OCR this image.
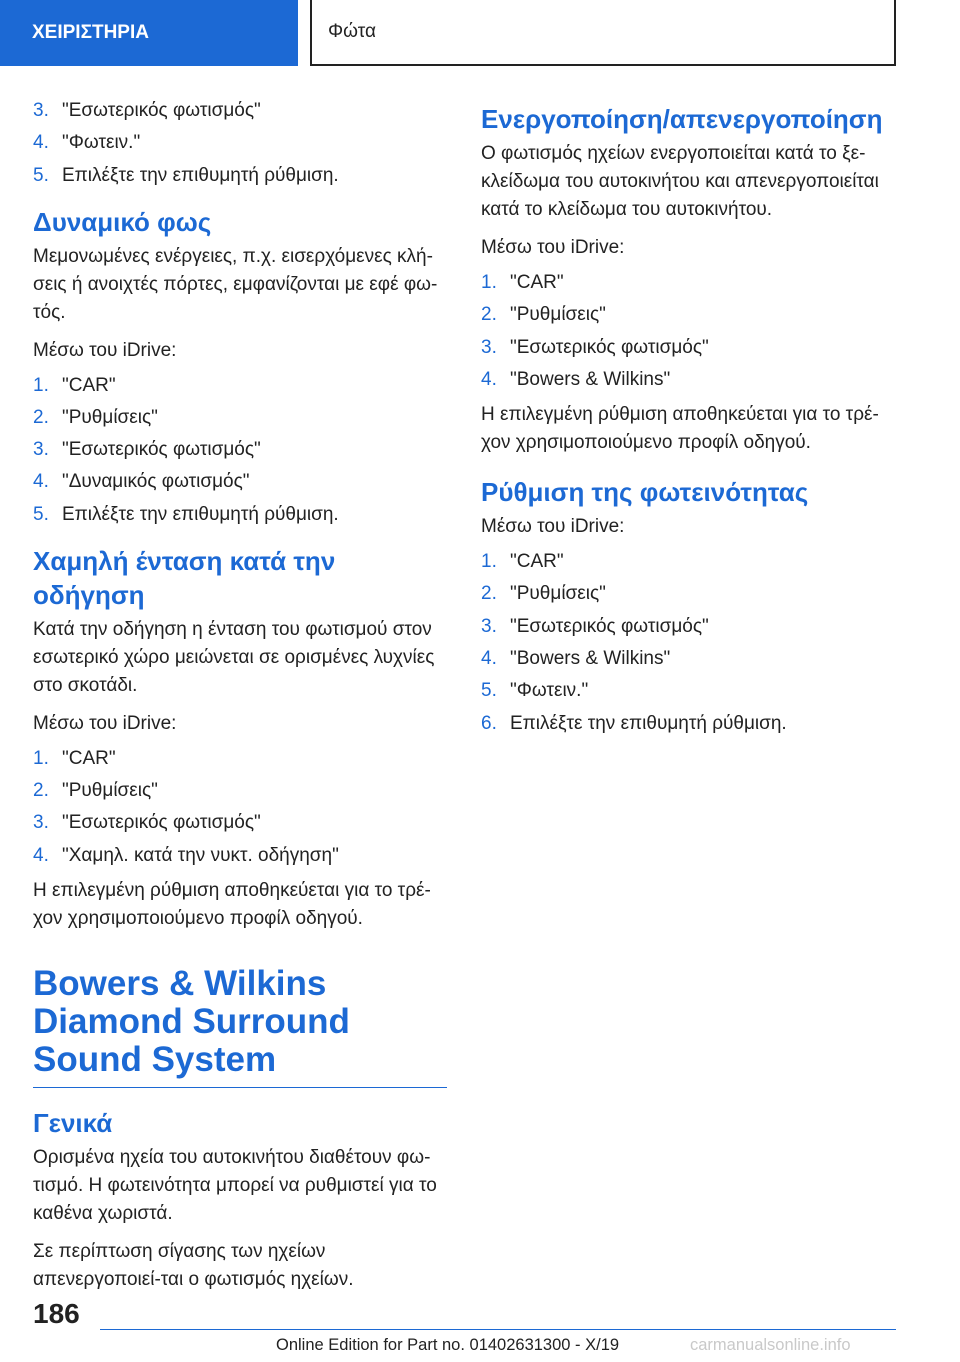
ΧΕΙΡΙΣΤΗΡΙΑ	Φώτα
3. "Εσωτερικός φωτισμός"
4. "Φωτειν."
5. Επιλέξτε την επιθυμητή ρύθμιση.
Δυναμικό φως

Μεμονωμένες ενέργειες, π.χ. εισερχόμενες κλή-σεις ή ανοιχτές πόρτες, εμφανίζονται με εφέ φω-τός.

Μέσω του iDrive:

1. "CAR"
2. "Ρυθμίσεις"
3. "Εσωτερικός φωτισμός"
4. "Δυναμικός φωτισμός"
5. Επιλέξτε την επιθυμητή ρύθμιση.
Χαμηλή ένταση κατά την οδήγηση

Κατά την οδήγηση η ένταση του φωτισμού στον εσωτερικό χώρο μειώνεται σε ορισμένες λυχνίες στο σκοτάδι.

Μέσω του iDrive:

1. "CAR"
2. "Ρυθμίσεις"
3. "Εσωτερικός φωτισμός"
4. "Χαμηλ. κατά την νυκτ. οδήγηση"

Η επιλεγμένη ρύθμιση αποθηκεύεται για το τρέ-χον χρησιμοποιούμενο προφίλ οδηγού.

Bowers & Wilkins Diamond Surround Sound System
Γενικά

Ορισμένα ηχεία του αυτοκινήτου διαθέτουν φω-τισμό. Η φωτεινότητα μπορεί να ρυθμιστεί για το καθένα χωριστά.

Σε περίπτωση σίγασης των ηχείων απενεργοποιεί-ται ο φωτισμός ηχείων.

Ενεργοποίηση/απενεργοποίηση

Ο φωτισμός ηχείων ενεργοποιείται κατά το ξε-κλείδωμα του αυτοκινήτου και απενεργοποιείται κατά το κλείδωμα του αυτοκινήτου.

Μέσω του iDrive:

1. "CAR"
2. "Ρυθμίσεις"
3. "Εσωτερικός φωτισμός"
4. "Bowers & Wilkins"

Η επιλεγμένη ρύθμιση αποθηκεύεται για το τρέ-χον χρησιμοποιούμενο προφίλ οδηγού.

Ρύθμιση της φωτεινότητας

Μέσω του iDrive:

1. "CAR"
2. "Ρυθμίσεις"
3. "Εσωτερικός φωτισμός"
4. "Bowers & Wilkins"
5. "Φωτειν."
6. Επιλέξτε την επιθυμητή ρύθμιση.
186
Online Edition for Part no. 01402631300 - X/19	carmanualsonline.info
